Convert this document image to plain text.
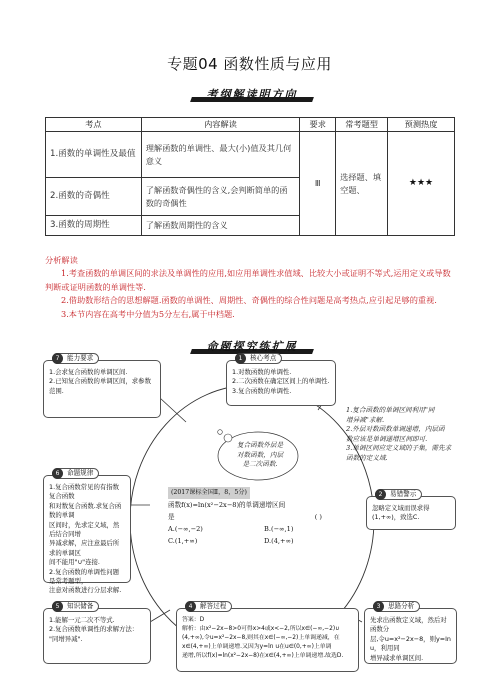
专题04 函数性质与应用
考纲解读明方向
考点	内容解读	要求	常考题型	预测热度
1.函数的单调性及最值	理解函数的单调性、最大(小)值及其几何意义	Ⅲ	选择题、填空题、	★★★
2.函数的奇偶性	了解函数奇偶性的含义,会判断简单的函数的奇偶性			
3.函数的周期性	了解函数周期性的含义			

分析解读

1.考查函数的单调区间的求法及单调性的应用,如应用单调性求值域、比较大小或证明不等式,运用定义或导数判断或证明函数的单调性等.

2.借助数形结合的思想解题.函数的单调性、周期性、奇偶性的综合性问题是高考热点,应引起足够的重视.

3.本节内容在高考中分值为5分左右,属于中档题.

命题探究练扩展
7	能力要求
1.会求复合函数的单调区间.
2.已知复合函数的单调区间，求参数
范围.
1	核心考点
1.对数函数的单调性.
2.二次函数在确定区间上的单调性.
3.复合函数的单调性.
1.复合函数的单调区间利用"同
增异减"求解.
2.外层对数函数单调递增，内层函
数应该是单调递增区间即可.
3.单调区间应定义域的子集，需先求
函数的定义域.
复合函数外层是
对数函数，内层
是二次函数.
(2017课标全国Ⅱ，8，5分)
函数f(x)=ln(x²−2x−8)的单调递增区间
是	( )
A.(−∞,−2)	B.(−∞,1)
C.(1,+∞)	D.(4,+∞)
6	命题规律
1.复合函数常见的有指数复合函数
和对数复合函数.求复合函数的单调
区间时，先求定义域，然后结合同增
异减求解，应注意最后所求的单调区
间不能用"∪"连接.
2.复合函数的单调性问题是常考题型，
注意对函数进行分层求解.
2	易错警示
忽略定义域而误求得(1,+∞)，致选C.
5	知识储备
1.能解一元二次不等式.
2.复合函数单调性的求解方法：
"同增异减".
4	解答过程
答案：D
解析：由x²−2x−8>0可得x>4或x<−2,所以x∈(−∞,−2)∪
(4,+∞),令u=x²−2x−8,则其在x∈(−∞,−2)上单调递减，在
x∈(4,+∞)上单调递增.又因为y=ln u在u∈(0,+∞)上单调
递增,所以f(x)=ln(x²−2x−8)在x∈(4,+∞)上单调递增.故选D.
3	思路分析
先求出函数定义域，然后对函数分
层,令u=x²−2x−8，则y=ln u，利用同
增异减求单调区间.
